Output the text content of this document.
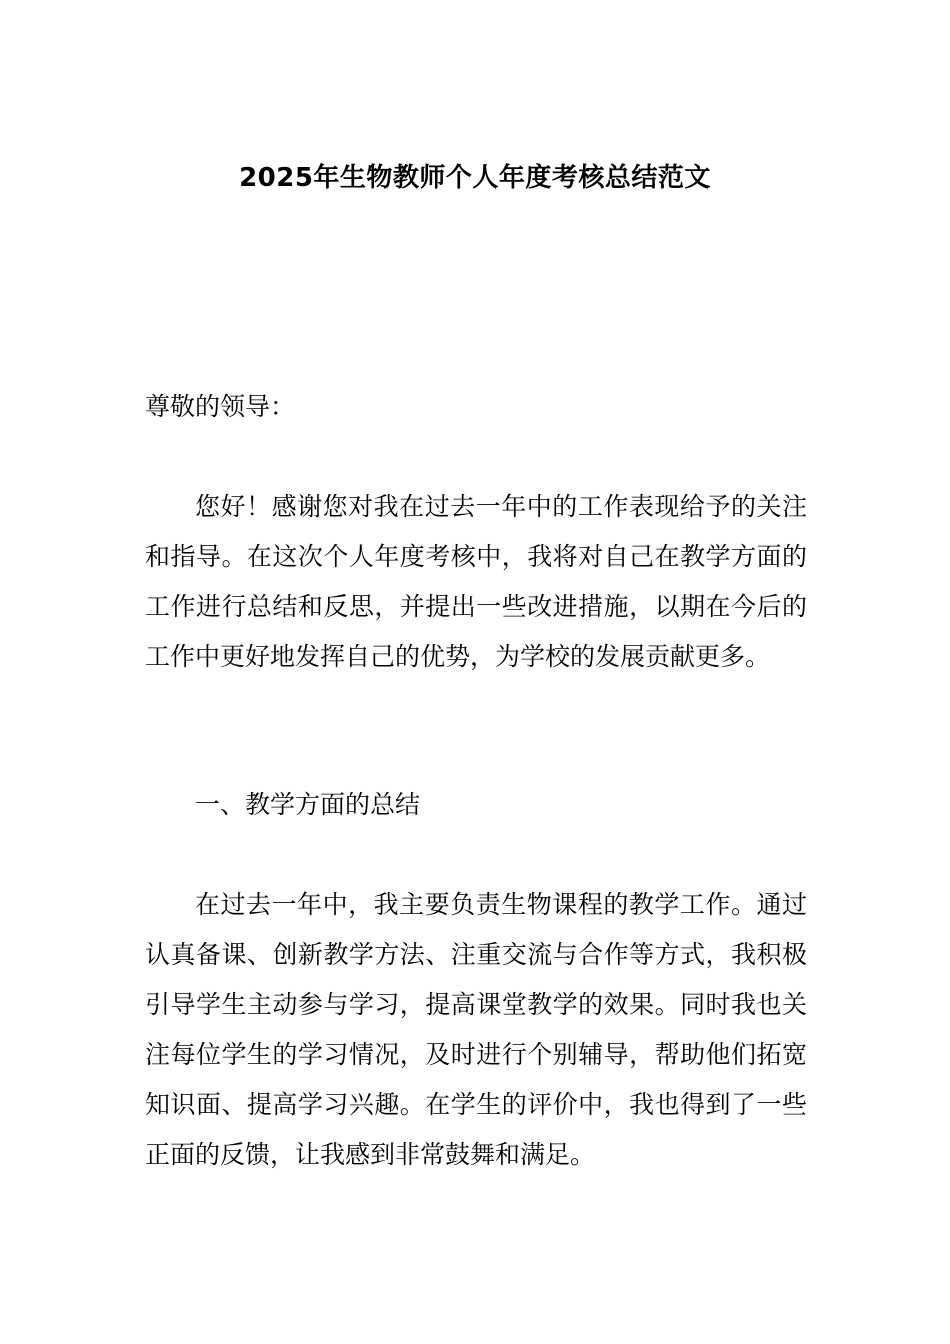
2025年生物教师个人年度考核总结范文
尊敬的领导：
您好！感谢您对我在过去一年中的工作表现给予的关注和指导。在这次个人年度考核中，我将对自己在教学方面的工作进行总结和反思，并提出一些改进措施，以期在今后的工作中更好地发挥自己的优势，为学校的发展贡献更多。
一、教学方面的总结
在过去一年中，我主要负责生物课程的教学工作。通过认真备课、创新教学方法、注重交流与合作等方式，我积极引导学生主动参与学习，提高课堂教学的效果。同时我也关注每位学生的学习情况，及时进行个别辅导，帮助他们拓宽知识面、提高学习兴趣。在学生的评价中，我也得到了一些正面的反馈，让我感到非常鼓舞和满足。
